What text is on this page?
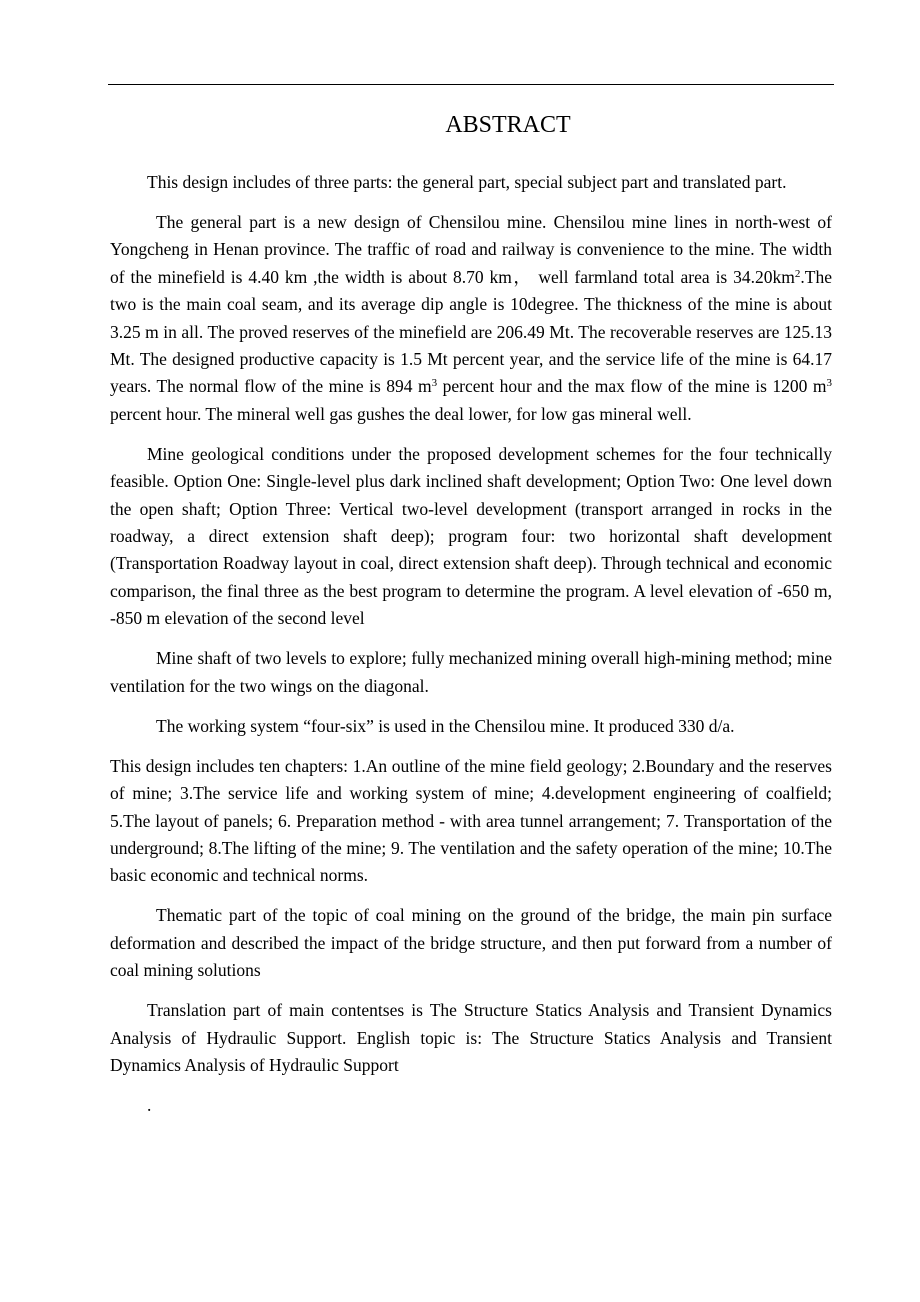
ABSTRACT

This design includes of three parts: the general part, special subject part and translated part.

The general part is a new design of Chensilou mine. Chensilou mine lines in north-west of Yongcheng in Henan province. The traffic of road and railway is convenience to the mine. The width of the minefield is 4.40 km ,the width is about 8.70 km， well farmland total area is $34.20km^2.The$ two is the main coal seam, and its average dip angle is 10degree. The thickness of the mine is about 3.25 m in all. The proved reserves of the minefield are 206.49 Mt. The recoverable reserves are 125.13 Mt. The designed productive capacity is 1.5 Mt percent year, and the service life of the mine is 64.17 years. The normal flow of the mine is 894 $m^3$ percent hour and the max flow of the mine is 1200 $m^3$ percent hour. The mineral well gas gushes the deal lower, for low gas mineral well.

Mine geological conditions under the proposed development schemes for the four technically feasible. Option One: Single-level plus dark inclined shaft development; Option Two: One level down the open shaft; Option Three: Vertical two-level development (transport arranged in rocks in the roadway, a direct extension shaft deep); program four: two horizontal shaft development (Transportation Roadway layout in coal, direct extension shaft deep). Through technical and economic comparison, the final three as the best program to determine the program. A level elevation of -650 m, -850 m elevation of the second level

Mine shaft of two levels to explore; fully mechanized mining overall high-mining method; mine ventilation for the two wings on the diagonal.

The working system “four-six” is used in the Chensilou mine. It produced 330 d/a.

This design includes ten chapters: 1.An outline of the mine field geology; 2.Boundary and the reserves of mine; 3.The service life and working system of mine; 4.development engineering of coalfield; 5.The layout of panels; 6. Preparation method - with area tunnel arrangement; 7. Transportation of the underground; 8.The lifting of the mine; 9. The ventilation and the safety operation of the mine; 10.The basic economic and technical norms.

Thematic part of the topic of coal mining on the ground of the bridge, the main pin surface deformation and described the impact of the bridge structure, and then put forward from a number of coal mining solutions

Translation part of main contentses is The Structure Statics Analysis and Transient Dynamics Analysis of Hydraulic Support. English topic is: The Structure Statics Analysis and Transient Dynamics Analysis of Hydraulic Support

.
